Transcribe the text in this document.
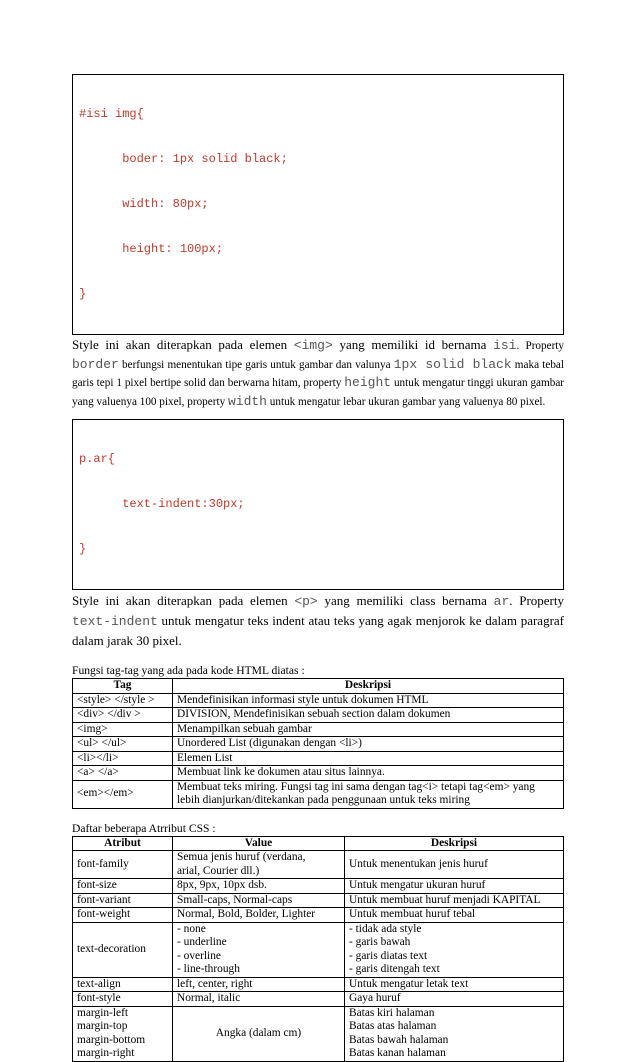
#isi img{

boder: 1px solid black;

width: 80px;

height: 100px;

}

Style ini akan diterapkan pada elemen <img> yang memiliki id bernama isi. Property border berfungsi menentukan tipe garis untuk gambar dan valunya 1px solid black maka tebal garis tepi 1 pixel bertipe solid dan berwarna hitam, property height untuk mengatur tinggi ukuran gambar yang valuenya 100 pixel, property width untuk mengatur lebar ukuran gambar yang valuenya 80 pixel.

p.ar{

text-indent:30px;

}

Style ini akan diterapkan pada elemen <p> yang memiliki class bernama ar. Property text-indent untuk mengatur teks indent atau teks yang agak menjorok ke dalam paragraf dalam jarak 30 pixel.

Fungsi tag-tag yang ada pada kode HTML diatas :
Tag	Deskripsi
<style> </style >	Mendefinisikan informasi style untuk dokumen HTML
<div> </div >	DIVISION, Mendefinisikan sebuah section dalam dokumen
<img>	Menampilkan sebuah gambar
<ul> </ul>	Unordered List (digunakan dengan <li>)
<li></li>	Elemen List
<a> </a>	Membuat link ke dokumen atau situs lainnya.
<em></em>	Membuat teks miring. Fungsi tag ini sama dengan tag<i> tetapi tag<em> yang lebih dianjurkan/ditekankan pada penggunaan untuk teks miring
Daftar beberapa Atrribut CSS :
Atribut	Value	Deskripsi
font-family	Semua jenis huruf (verdana,
arial, Courier dll.)	Untuk menentukan jenis huruf
font-size	8px, 9px, 10px dsb.	Untuk mengatur ukuran huruf
font-variant	Small-caps, Normal-caps	Untuk membuat huruf menjadi KAPITAL
font-weight	Normal, Bold, Bolder, Lighter	Untuk membuat huruf tebal
text-decoration	- none
- underline
- overline
- line-through	- tidak ada style
- garis bawah
- garis diatas text
- garis ditengah text
text-align	left, center, right	Untuk mengatur letak text
font-style	Normal, italic	Gaya huruf
margin-left
margin-top
margin-bottom
margin-right	Angka (dalam cm)	Batas kiri halaman
Batas atas halaman
Batas bawah halaman
Batas kanan halaman
